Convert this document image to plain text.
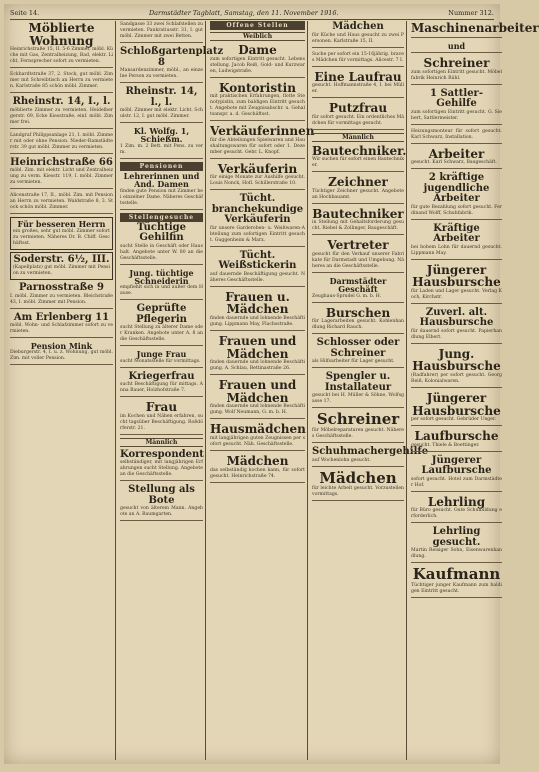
Seite 14.	Darmstädter Tagblatt, Samstag, den 11. November 1916.	Nummer 312.
Möblierte Wohnung
Heinrichstraße 15, II. 5-6 Zimmer, möbl. Küche mit Gas, Zentralheizung, Bad, elektr. Licht, Fernsprecher sofort zu vermieten.
Eckhardtstraße 37, 2. Stock, gut möbl. Zimmer mit Schreibtisch an Herrn zu vermieten. Karlstraße 85 schön möbl. Zimmer.
Rheinstr. 14, I., l.
möblierte Zimmer zu vermieten. Heidelbergerstr. 69, Ecke Kiesstraße, einf. möbl. Zimmer frei.
Landgraf Philippsanlage 21, I. möbl. Zimmer mit oder ohne Pension. Nieder-Ramstädterstr. 39 gut möbl. Zimmer zu vermieten.
Heinrichstraße 66
möbl. Zim. mit elektr. Licht und Zentralheizung zu verm. Kiesstr. 119, I. möbl. Zimmer zu vermieten.
Alicenstraße 17, II., möbl. Zim. mit Pension an Herrn zu vermieten. Waldstraße 8, 3. Stock schön möbl. Zimmer.
Für besseren Herrn
ein großes, sehr gut möbl. Zimmer sofort zu vermieten. Näheres Dr. B. Chiff. Geschäftsst.
Soderstr. 6½, III.
(Kapellplatz) gut möbl. Zimmer mit Pension zu vermieten.
Parnosstraße 9
I. möbl. Zimmer zu vermieten. Bleichstraße 43, I. möbl. Zimmer mit Pension.
Am Erlenberg 11
möbl. Wohn- und Schlafzimmer sofort zu vermieten.
Pension Mink
Dieburgerstr. 4, I. u. z. Wohnung, gut möbl. Zim. mit voller Pension.
Sandgasse 33 zwei Schlafstellen zu vermieten. Pankratiusstr. 31, I. gut möbl. Zimmer mit zwei Betten.
Schloßgartenplatz 8
Mansardenzimmer, möbl., an einzelne Person zu vermieten.
Rheinstr. 14, l., l.
möbl. Zimmer mit elektr. Licht. Schulstr. 12, I. gut möbl. Zimmer.
Kl. Wolfg. 1, Schießm.
1 Zim. m. 2 Bett. mit Pens. zu verm.
Pensionen
Lehrerinnen und And. Damen
finden gute Pension mit Zimmer bei einzelner Dame. Näheres Geschäftsstelle.
Stellengesuche
Tüchtige Gehilfin
sucht Stelle in Geschäft oder Haushalt. Angebote unter W. 80 an die Geschäftsstelle.
Jung. tüchtige Schneiderin
empfiehlt sich in und außer dem Hause.
Geprüfte Pflegerin
sucht Stellung zu älterer Dame oder Kranken. Angebote unter A. 8 an die Geschäftsstelle.
Junge Frau
sucht Monatsstelle für vormittags.
Kriegerfrau
sucht Beschäftigung für mittags. Anna Bauer, Holzhofstraße 7.
Frau
im Kochen und Nähen erfahren, sucht tagsüber Beschäftigung. Roßdörferstr. 21.
Männlich
Korrespondent
selbständiger, mit langjährigen Erfahrungen sucht Stellung. Angebote an die Geschäftsstelle.
Stellung als Bote
gesucht von älterem Mann. Angebote an A. Baumgarten.
Offene Stellen
Weiblich
Dame
zum sofortigen Eintritt gesucht. Lebensstellung. Jacob Reiß, Gold- und Kurzwaren, Ludwigstraße.
Kontoristin
mit praktischen Erfahrungen, flotte Stenotypistin, zum baldigen Eintritt gesucht. Angebote mit Zeugnisabschr. u. Gehaltsanspr. a. d. Geschäftsst.
Verkäuferinnen
für die Abteilungen Spielwaren und Haushaltungswaren für sofort oder 1. Dezember gesucht. Gebr. L. Knopf.
Verkäuferin
für einige Monate zur Aushilfe gesucht. Louis Nonck, Hofl. Schillerstraße 10.
Tücht. branchekundige Verkäuferin
für unsere Garderoben- u. Weißwaren-Abteilung zum sofortigen Eintritt gesucht. Guggenheim & Marx.
Tücht. Weißstickerin
auf dauernde Beschäftigung gesucht. Näheres Geschäftsstelle.
Frauen u. Mädchen
finden dauernde und lohnende Beschäftigung. Lippmann May, Flachsstraße.
Frauen und Mädchen
finden dauernde und lohnende Beschäftigung. A. Schlau, Bettinastraße 26.
Frauen und Mädchen
finden dauernde und lohnende Beschäftigung. Wolf Neumann, G. m. b. H.
Hausmädchen
mit langjährigen guten Zeugnissen per sofort gesucht. Näh. Geschäftsstelle.
Mädchen
das selbständig kochen kann, für sofort gesucht. Heinrichstraße 74.
Mädchen
für Küche und Haus gesucht zu zwei Personen. Karlstraße 15, II.
Suche per sofort ein 15-16jährig. braves Mädchen für vormittags. Alicestr. 7 I.
Eine Laufrau
gesucht. Hoffmannstraße 4, I. bei Müller.
Putzfrau
für sofort gesucht. Ein ordentliches Mädchen für vormittags gesucht.
Männlich
Bautechniker.
Wir suchen für sofort einen Bautechniker.
Zeichner
Tüchtiger Zeichner gesucht. Angebote an Hochbauamt.
Bautechniker
in Stellung mit Gehaltsforderung gesucht. Riebel & Zollinger, Baugeschäft.
Vertreter
gesucht für den Verkauf unserer Fabrikate für Darmstadt und Umgebung. Näheres an die Geschäftsstelle.
Darmstädter Geschäft
Zeughaus-Sprudel G. m. b. H.
Burschen
für Lagerarbeiten gesucht. Kohlenhandlung Richard Rauch.
Schlosser oder Schreiner
als Hilfsarbeiter für Lager gesucht.
Spengler u. Installateur
gesucht bei H. Müller & Söhne, Wolfsgasse 17.
Schreiner
für Möbelreparaturen gesucht. Näheres Geschäftsstelle.
Schuhmachergehilfe
auf Wochenlohn gesucht.
Mädchen
für leichte Arbeit gesucht. Vorzustellen vormittags.
Maschinenarbeiter
und
Schreiner
zum sofortigen Eintritt gesucht. Möbelfabrik Heinrich Rühl.
1 Sattler-Gehilfe
zum sofortigen Eintritt gesucht. G. Siebert, Sattlermeister.
Heizungsmonteur für sofort gesucht. Karl Schwarz, Installation.
Arbeiter
gesucht. Karl Schwarz, Baugeschäft.
2 kräftige jugendliche Arbeiter
für gute Bezahlung sofort gesucht. Ferdinand Wolff, Schuhfabrik.
Kräftige Arbeiter
bei hohem Lohn für dauernd gesucht. Lippmann May.
Jüngerer Hausbursche
für Laden und Lager gesucht. Verlag Koch, Kirchstr.
Zuverl. alt. Hausbursche
für dauernd sofort gesucht. Papierhandlung Elbert.
Jung. Hausbursche
(Radfahrer) per sofort gesucht. Georg Reiß, Kolonialwaren.
Jüngerer Hausbursche
per sofort gesucht. Gebrüder Unger.
Laufbursche
gesucht. Thiele & Boettinger.
Jüngerer Laufbursche
sofort gesucht. Hotel zum Darmstädter Hof.
Lehrling
für Büro gesucht. Gute Schulbildung erforderlich.
Lehrling gesucht.
Martin Reisiger Sohn, Eisenwarenhandlung.
Kaufmann
Tüchtiger junger Kaufmann zum baldigen Eintritt gesucht.
